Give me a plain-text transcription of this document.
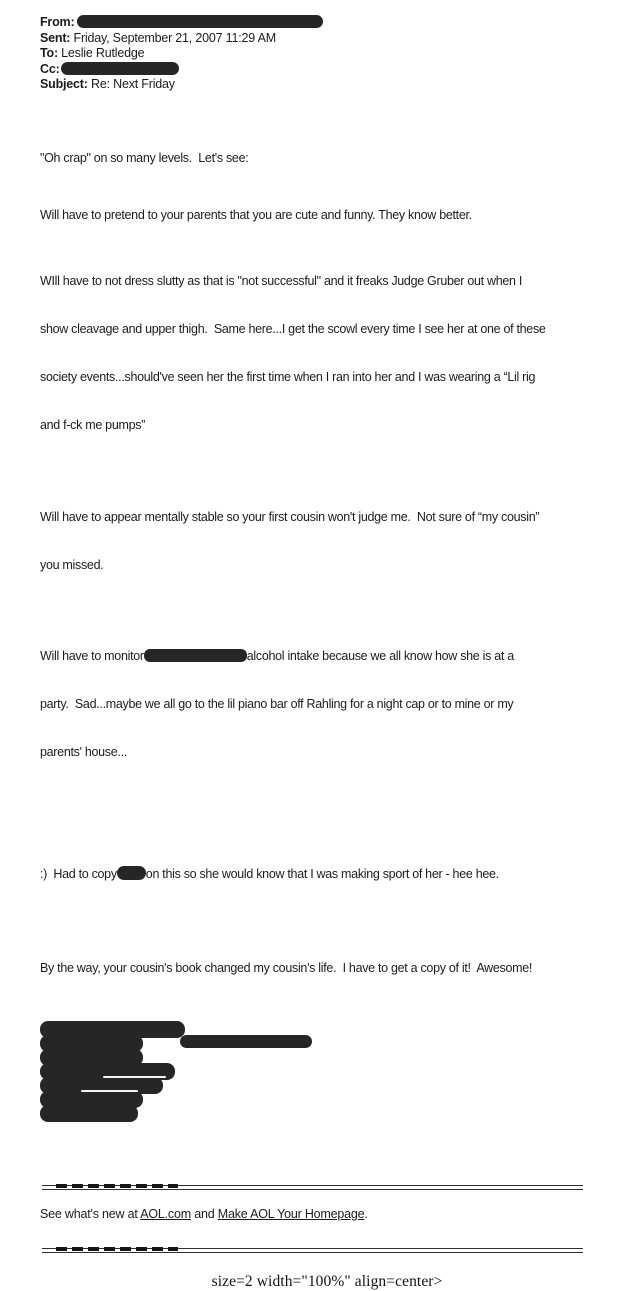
From:
Sent: Friday, September 21, 2007 11:29 AM
To: Leslie Rutledge
Cc:
Subject: Re: Next Friday
"Oh crap" on so many levels.  Let's see:
Will have to pretend to your parents that you are cute and funny. They know better.

WIll have to not dress slutty as that is "not successful" and it freaks Judge Gruber out when I

show cleavage and upper thigh.  Same here...I get the scowl every time I see her at one of these

society events...should've seen her the first time when I ran into her and I was wearing a “Lil rig

and f-ck me pumps”

Will have to appear mentally stable so your first cousin won't judge me.  Not sure of “my cousin”

you missed.

Will have to monitor	alcohol intake because we all know how she is at a

party.  Sad...maybe we all go to the lil piano bar off Rahling for a night cap or to mine or my

parents' house...

:)  Had to copy on this so she would know that I was making sport of her - hee hee.

By the way, your cousin's book changed my cousin's life.  I have to get a copy of it!  Awesome!
See what's new at AOL.com and Make AOL Your Homepage.
size=2 width="100%" align=center>
